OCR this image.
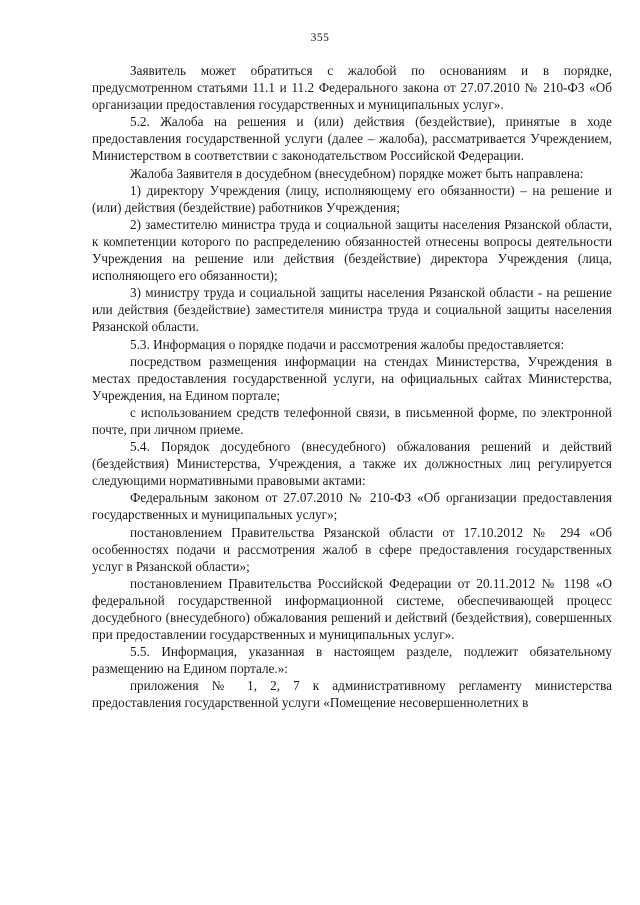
355

Заявитель может обратиться с жалобой по основаниям и в порядке, предусмотренном статьями 11.1 и 11.2 Федерального закона от 27.07.2010 № 210-ФЗ «Об организации предоставления государственных и муниципальных услуг».

5.2. Жалоба на решения и (или) действия (бездействие), принятые в ходе предоставления государственной услуги (далее – жалоба), рассматривается Учреждением, Министерством в соответствии с законодательством Российской Федерации.

Жалоба Заявителя в досудебном (внесудебном) порядке может быть направлена:

1) директору Учреждения (лицу, исполняющему его обязанности) – на решение и (или) действия (бездействие) работников Учреждения;

2) заместителю министра труда и социальной защиты населения Рязанской области, к компетенции которого по распределению обязанностей отнесены вопросы деятельности Учреждения на решение или действия (бездействие) директора Учреждения (лица, исполняющего его обязанности);

3) министру труда и социальной защиты населения Рязанской области - на решение или действия (бездействие) заместителя министра труда и социальной защиты населения Рязанской области.

5.3. Информация о порядке подачи и рассмотрения жалобы предоставляется:

посредством размещения информации на стендах Министерства, Учреждения в местах предоставления государственной услуги, на официальных сайтах Министерства, Учреждения, на Едином портале;

с использованием средств телефонной связи, в письменной форме, по электронной почте, при личном приеме.

5.4. Порядок досудебного (внесудебного) обжалования решений и действий (бездействия) Министерства, Учреждения, а также их должностных лиц регулируется следующими нормативными правовыми актами:

Федеральным законом от 27.07.2010 № 210-ФЗ «Об организации предоставления государственных и муниципальных услуг»;

постановлением Правительства Рязанской области от 17.10.2012 № 294 «Об особенностях подачи и рассмотрения жалоб в сфере предоставления государственных услуг в Рязанской области»;

постановлением Правительства Российской Федерации от 20.11.2012 № 1198 «О федеральной государственной информационной системе, обеспечивающей процесс досудебного (внесудебного) обжалования решений и действий (бездействия), совершенных при предоставлении государственных и муниципальных услуг».

5.5. Информация, указанная в настоящем разделе, подлежит обязательному размещению на Едином портале.»:

приложения № 1, 2, 7 к административному регламенту министерства предоставления государственной услуги «Помещение несовершеннолетних в
